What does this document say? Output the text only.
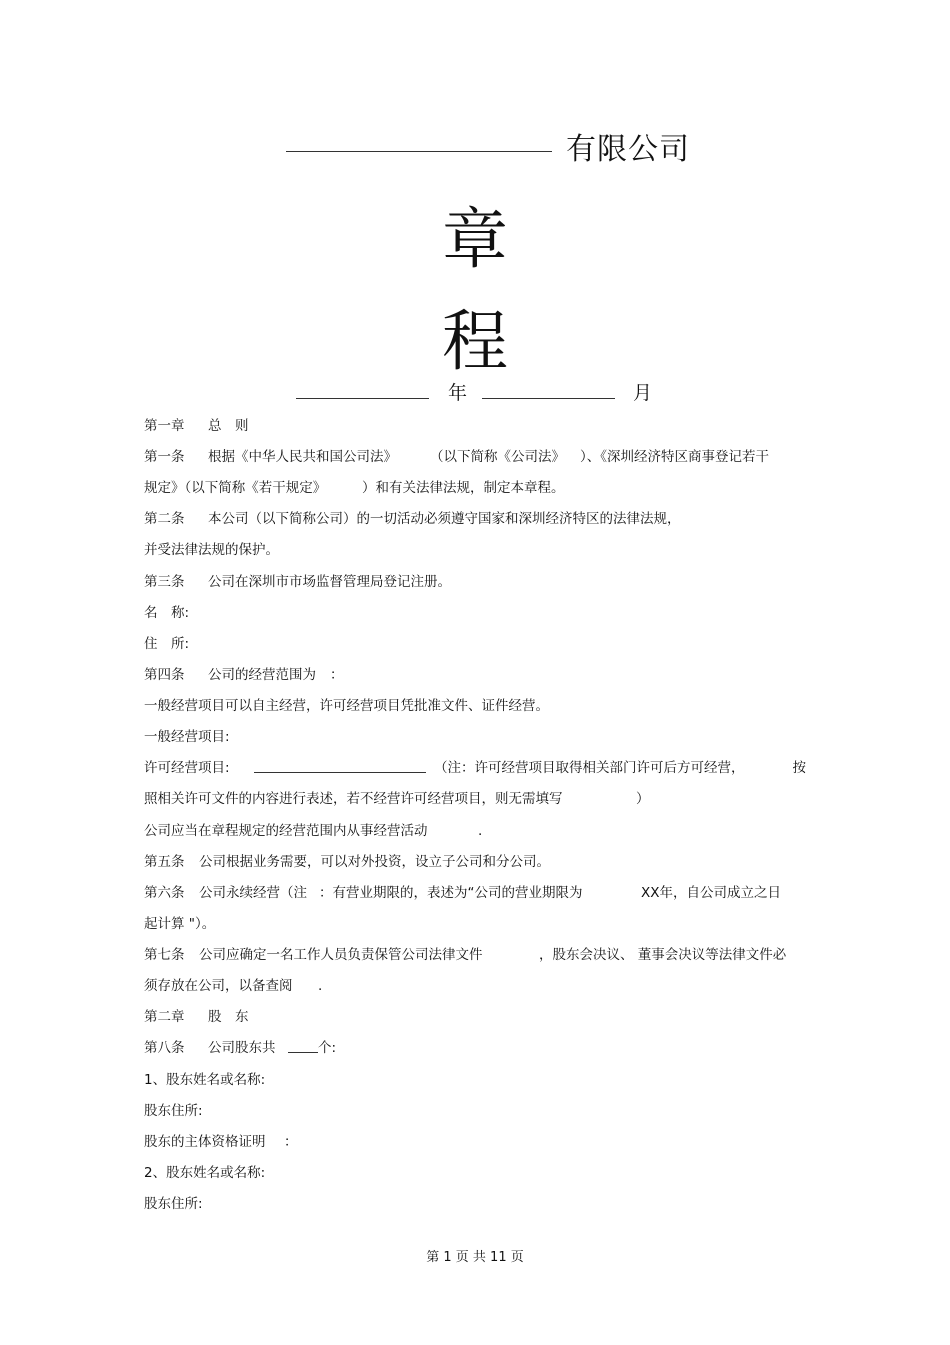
有限公司
章
程
年	月
第一章 总　则
第一条 根据《中华人民共和国公司法》 （以下简称《公司法》 ）、《深圳经济特区商事登记若干
规定》（以下简称《若干规定》	）和有关法律法规，制定本章程。
第二条 本公司（以下简称公司）的一切活动必须遵守国家和深圳经济特区的法律法规，
并受法律法规的保护。
第三条 公司在深圳市市场监督管理局登记注册。
名　称:
住　所:
第四条 公司的经营范围为 ：
一般经营项目可以自主经营，许可经营项目凭批准文件、证件经营。
一般经营项目:
许可经营项目:	（注：许可经营项目取得相关部门许可后方可经营，	按
照相关许可文件的内容进行表述，若不经营许可经营项目，则无需填写	）
公司应当在章程规定的经营范围内从事经营活动	.
第五条 公司根据业务需要，可以对外投资，设立子公司和分公司。
第六条 公司永续经营（注 ：有营业期限的，表述为“公司的营业期限为	XX年，自公司成立之日
起计算 "）。
第七条 公司应确定一名工作人员负责保管公司法律文件	，股东会决议、 董事会决议等法律文件必
须存放在公司，以备查阅 .
第二章 股　东
第八条 公司股东共	个:
1、股东姓名或名称:
股东住所:
股东的主体资格证明 ：
2、股东姓名或名称:
股东住所:
第 1 页 共 11 页
